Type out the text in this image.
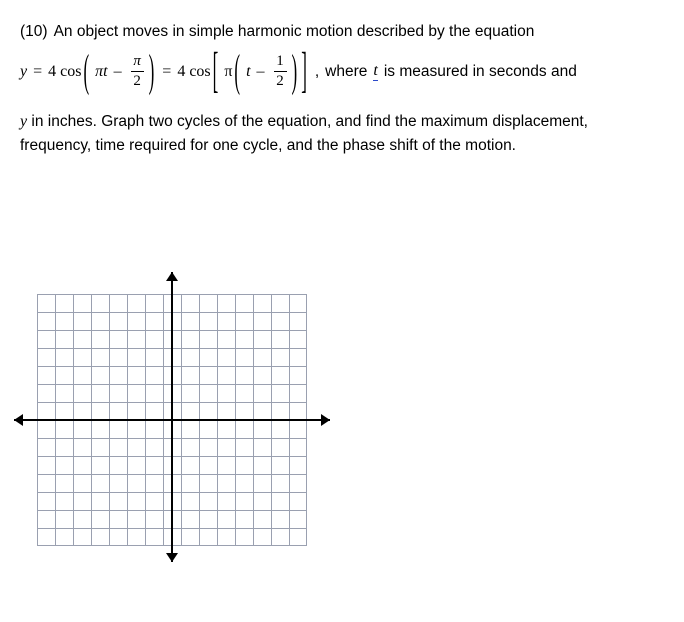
(10) An object moves in simple harmonic motion described by the equation
y = 4 cos ( πt – $\frac{\pi}{2}$ ) = 4 cos [ π ( t – $\frac{1}{2}$ ) ] , where t is measured in seconds and
y in inches. Graph two cycles of the equation, and find the maximum displacement, frequency, time required for one cycle, and the phase shift of the motion.
